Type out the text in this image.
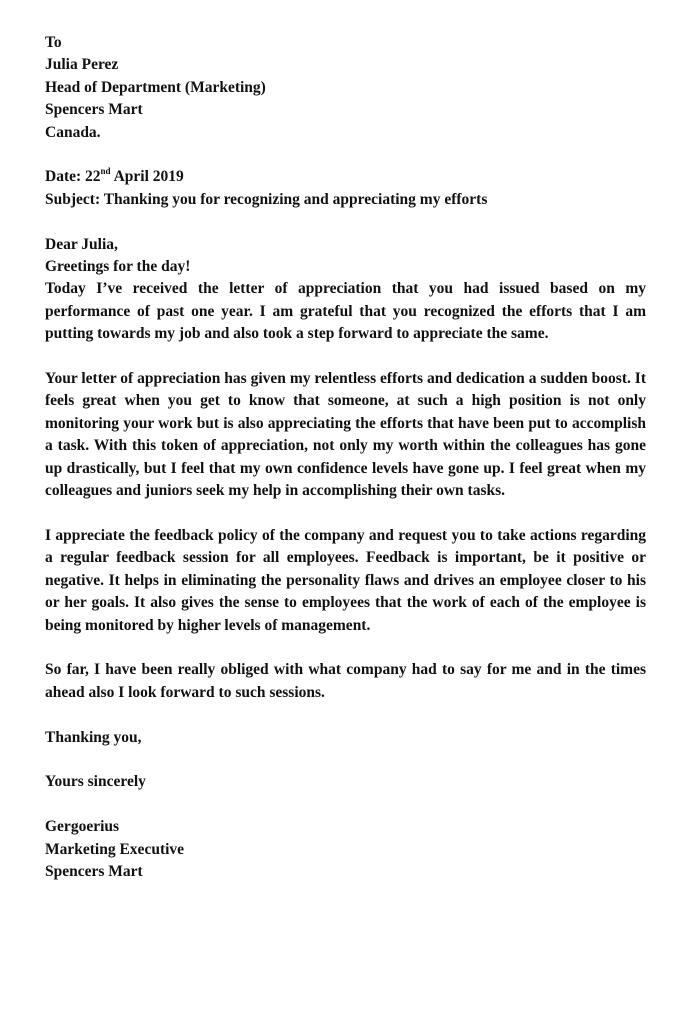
To
Julia Perez
Head of Department (Marketing)
Spencers Mart
Canada.
Date: 22nd April 2019
Subject: Thanking you for recognizing and appreciating my efforts
Dear Julia,
Greetings for the day!

Today I’ve received the letter of appreciation that you had issued based on my performance of past one year. I am grateful that you recognized the efforts that I am putting towards my job and also took a step forward to appreciate the same.

Your letter of appreciation has given my relentless efforts and dedication a sudden boost. It feels great when you get to know that someone, at such a high position is not only monitoring your work but is also appreciating the efforts that have been put to accomplish a task. With this token of appreciation, not only my worth within the colleagues has gone up drastically, but I feel that my own confidence levels have gone up. I feel great when my colleagues and juniors seek my help in accomplishing their own tasks.

I appreciate the feedback policy of the company and request you to take actions regarding a regular feedback session for all employees. Feedback is important, be it positive or negative. It helps in eliminating the personality flaws and drives an employee closer to his or her goals. It also gives the sense to employees that the work of each of the employee is being monitored by higher levels of management.

So far, I have been really obliged with what company had to say for me and in the times ahead also I look forward to such sessions.

Thanking you,
Yours sincerely
Gergoerius
Marketing Executive
Spencers Mart
